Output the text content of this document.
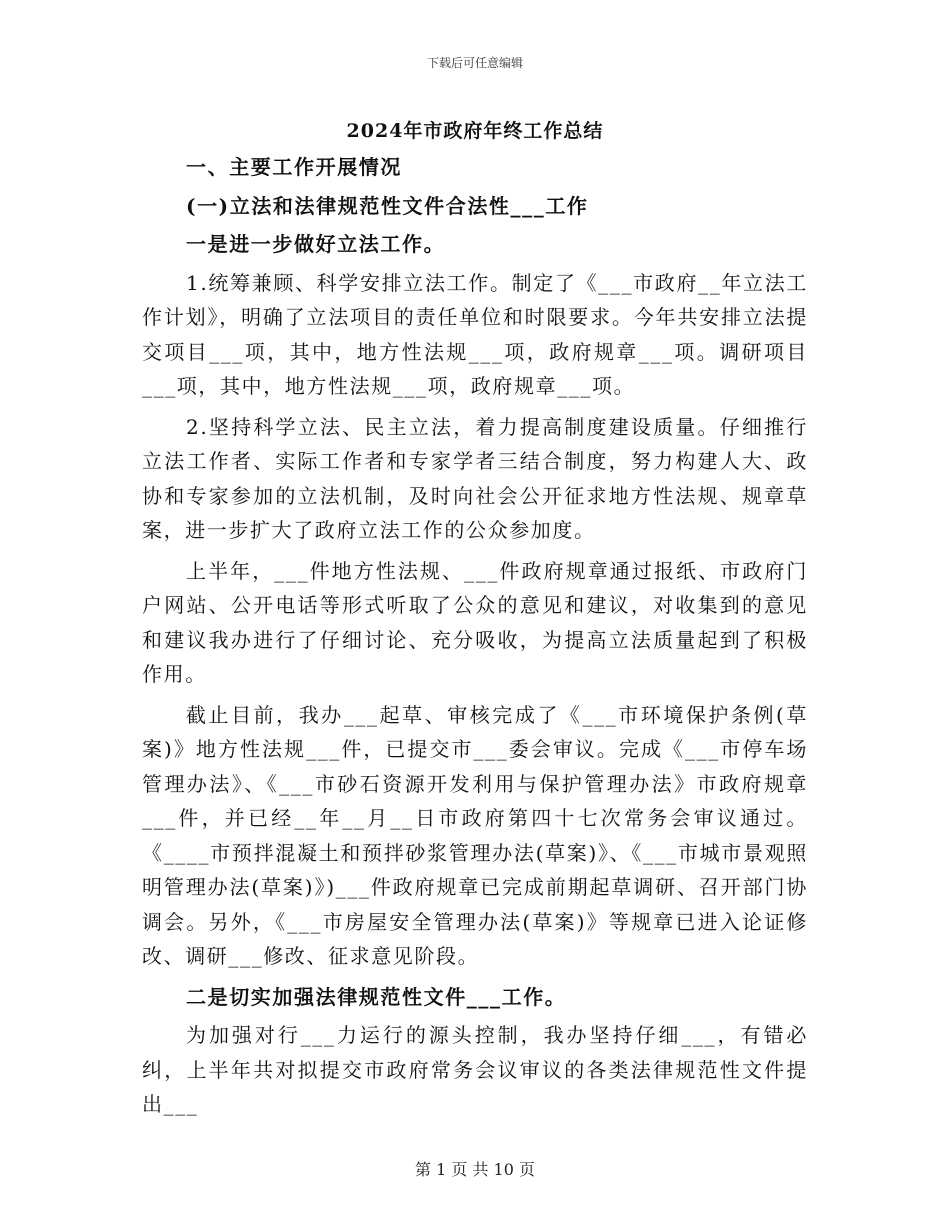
下载后可任意编辑
2024年市政府年终工作总结

一、主要工作开展情况

(一)立法和法律规范性文件合法性___工作

一是进一步做好立法工作。

1.统筹兼顾、科学安排立法工作。制定了《___市政府__年立法工作计划》，明确了立法项目的责任单位和时限要求。今年共安排立法提交项目___项，其中，地方性法规___项，政府规章___项。调研项目___项，其中，地方性法规___项，政府规章___项。

2.坚持科学立法、民主立法，着力提高制度建设质量。仔细推行立法工作者、实际工作者和专家学者三结合制度，努力构建人大、政协和专家参加的立法机制，及时向社会公开征求地方性法规、规章草案，进一步扩大了政府立法工作的公众参加度。

上半年，___件地方性法规、___件政府规章通过报纸、市政府门户网站、公开电话等形式听取了公众的意见和建议，对收集到的意见和建议我办进行了仔细讨论、充分吸收，为提高立法质量起到了积极作用。

截止目前，我办___起草、审核完成了《___市环境保护条例(草案)》地方性法规___件，已提交市___委会审议。完成《___市停车场管理办法》、《___市砂石资源开发利用与保护管理办法》市政府规章___件，并已经__年__月__日市政府第四十七次常务会审议通过。《____市预拌混凝土和预拌砂浆管理办法(草案)》、《___市城市景观照明管理办法(草案)》)___件政府规章已完成前期起草调研、召开部门协调会。另外，《___市房屋安全管理办法(草案)》等规章已进入论证修改、调研___修改、征求意见阶段。

二是切实加强法律规范性文件___工作。

为加强对行___力运行的源头控制，我办坚持仔细___，有错必纠，上半年共对拟提交市政府常务会议审议的各类法律规范性文件提出___

第 1 页 共 10 页
